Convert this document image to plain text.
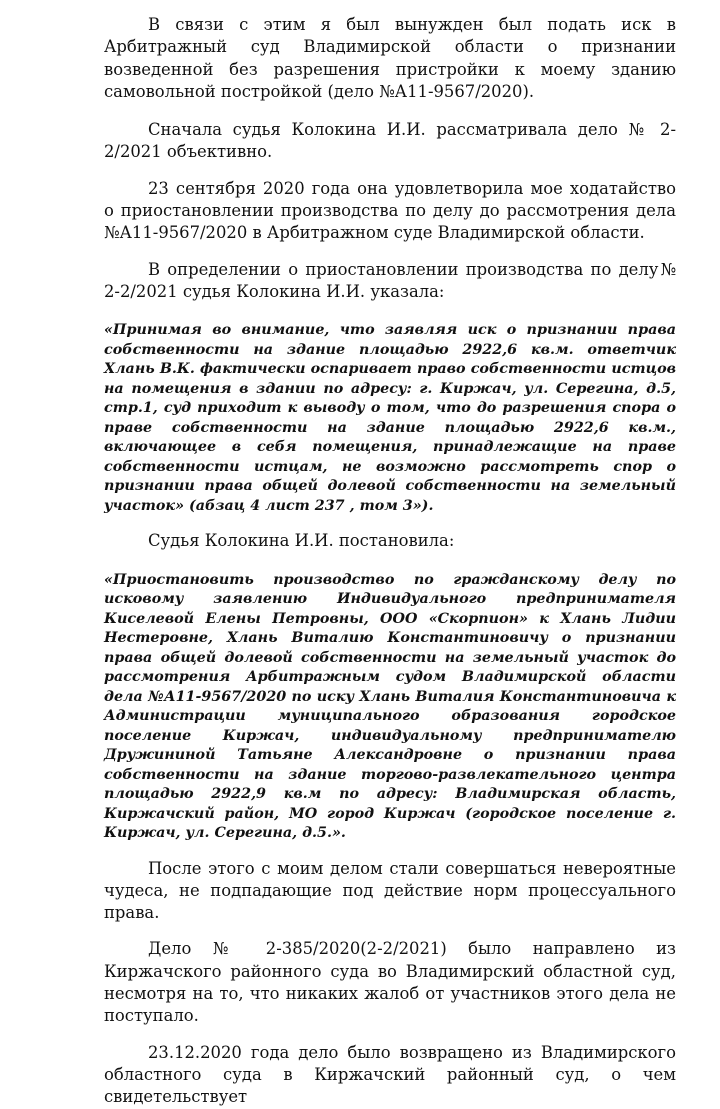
В связи с этим я был вынужден был подать иск в Арбитражный суд Владимирской области о признании возведенной без разрешения пристройки к моему зданию самовольной постройкой (дело №А11-9567/2020).

Сначала судья Колокина И.И. рассматривала дело № 2-2/2021 объективно.

23 сентября 2020 года она удовлетворила мое ходатайство о приостановлении производства по делу до рассмотрения дела №А11-9567/2020 в Арбитражном суде Владимирской области.

В определении о приостановлении производства по делу№ 2-2/2021 судья Колокина И.И. указала:

«Принимая во внимание, что заявляя иск о признании права собственности на здание площадью 2922,6 кв.м. ответчик Хлань В.К. фактически оспаривает право собственности истцов на помещения в здании по адресу: г. Киржач, ул. Серегина, д.5, стр.1, суд приходит к выводу о том, что до разрешения спора о праве собственности на здание площадью 2922,6 кв.м., включающее в себя помещения, принадлежащие на праве собственности истцам, не возможно рассмотреть спор о признании права общей долевой собственности на земельный участок» (абзац 4 лист 237 , том 3»).

Судья Колокина И.И. постановила:

«Приостановить производство по гражданскому делу по исковому заявлению Индивидуального предпринимателя Киселевой Елены Петровны, ООО «Скорпион» к Хлань Лидии Нестеровне, Хлань Виталию Константиновичу о признании права общей долевой собственности на земельный участок до рассмотрения Арбитражным судом Владимирской области дела №А11-9567/2020 по иску Хлань Виталия Константиновича к Администрации муниципального образования городское поселение Киржач, индивидуальному предпринимателю Дружининой Татьяне Александровне о признании права собственности на здание торгово-развлекательного центра площадью 2922,9 кв.м по адресу: Владимирская область, Киржачский район, МО город Киржач (городское поселение г. Киржач, ул. Серегина, д.5.».

После этого с моим делом стали совершаться невероятные чудеса, не подпадающие под действие норм процессуального права.

Дело № 2-385/2020(2-2/2021) было направлено из Киржачского районного суда во Владимирский областной суд, несмотря на то, что никаких жалоб от участников этого дела не поступало.

23.12.2020 года дело было возвращено из Владимирского областного суда в Киржачский районный суд, о чем свидетельствует
